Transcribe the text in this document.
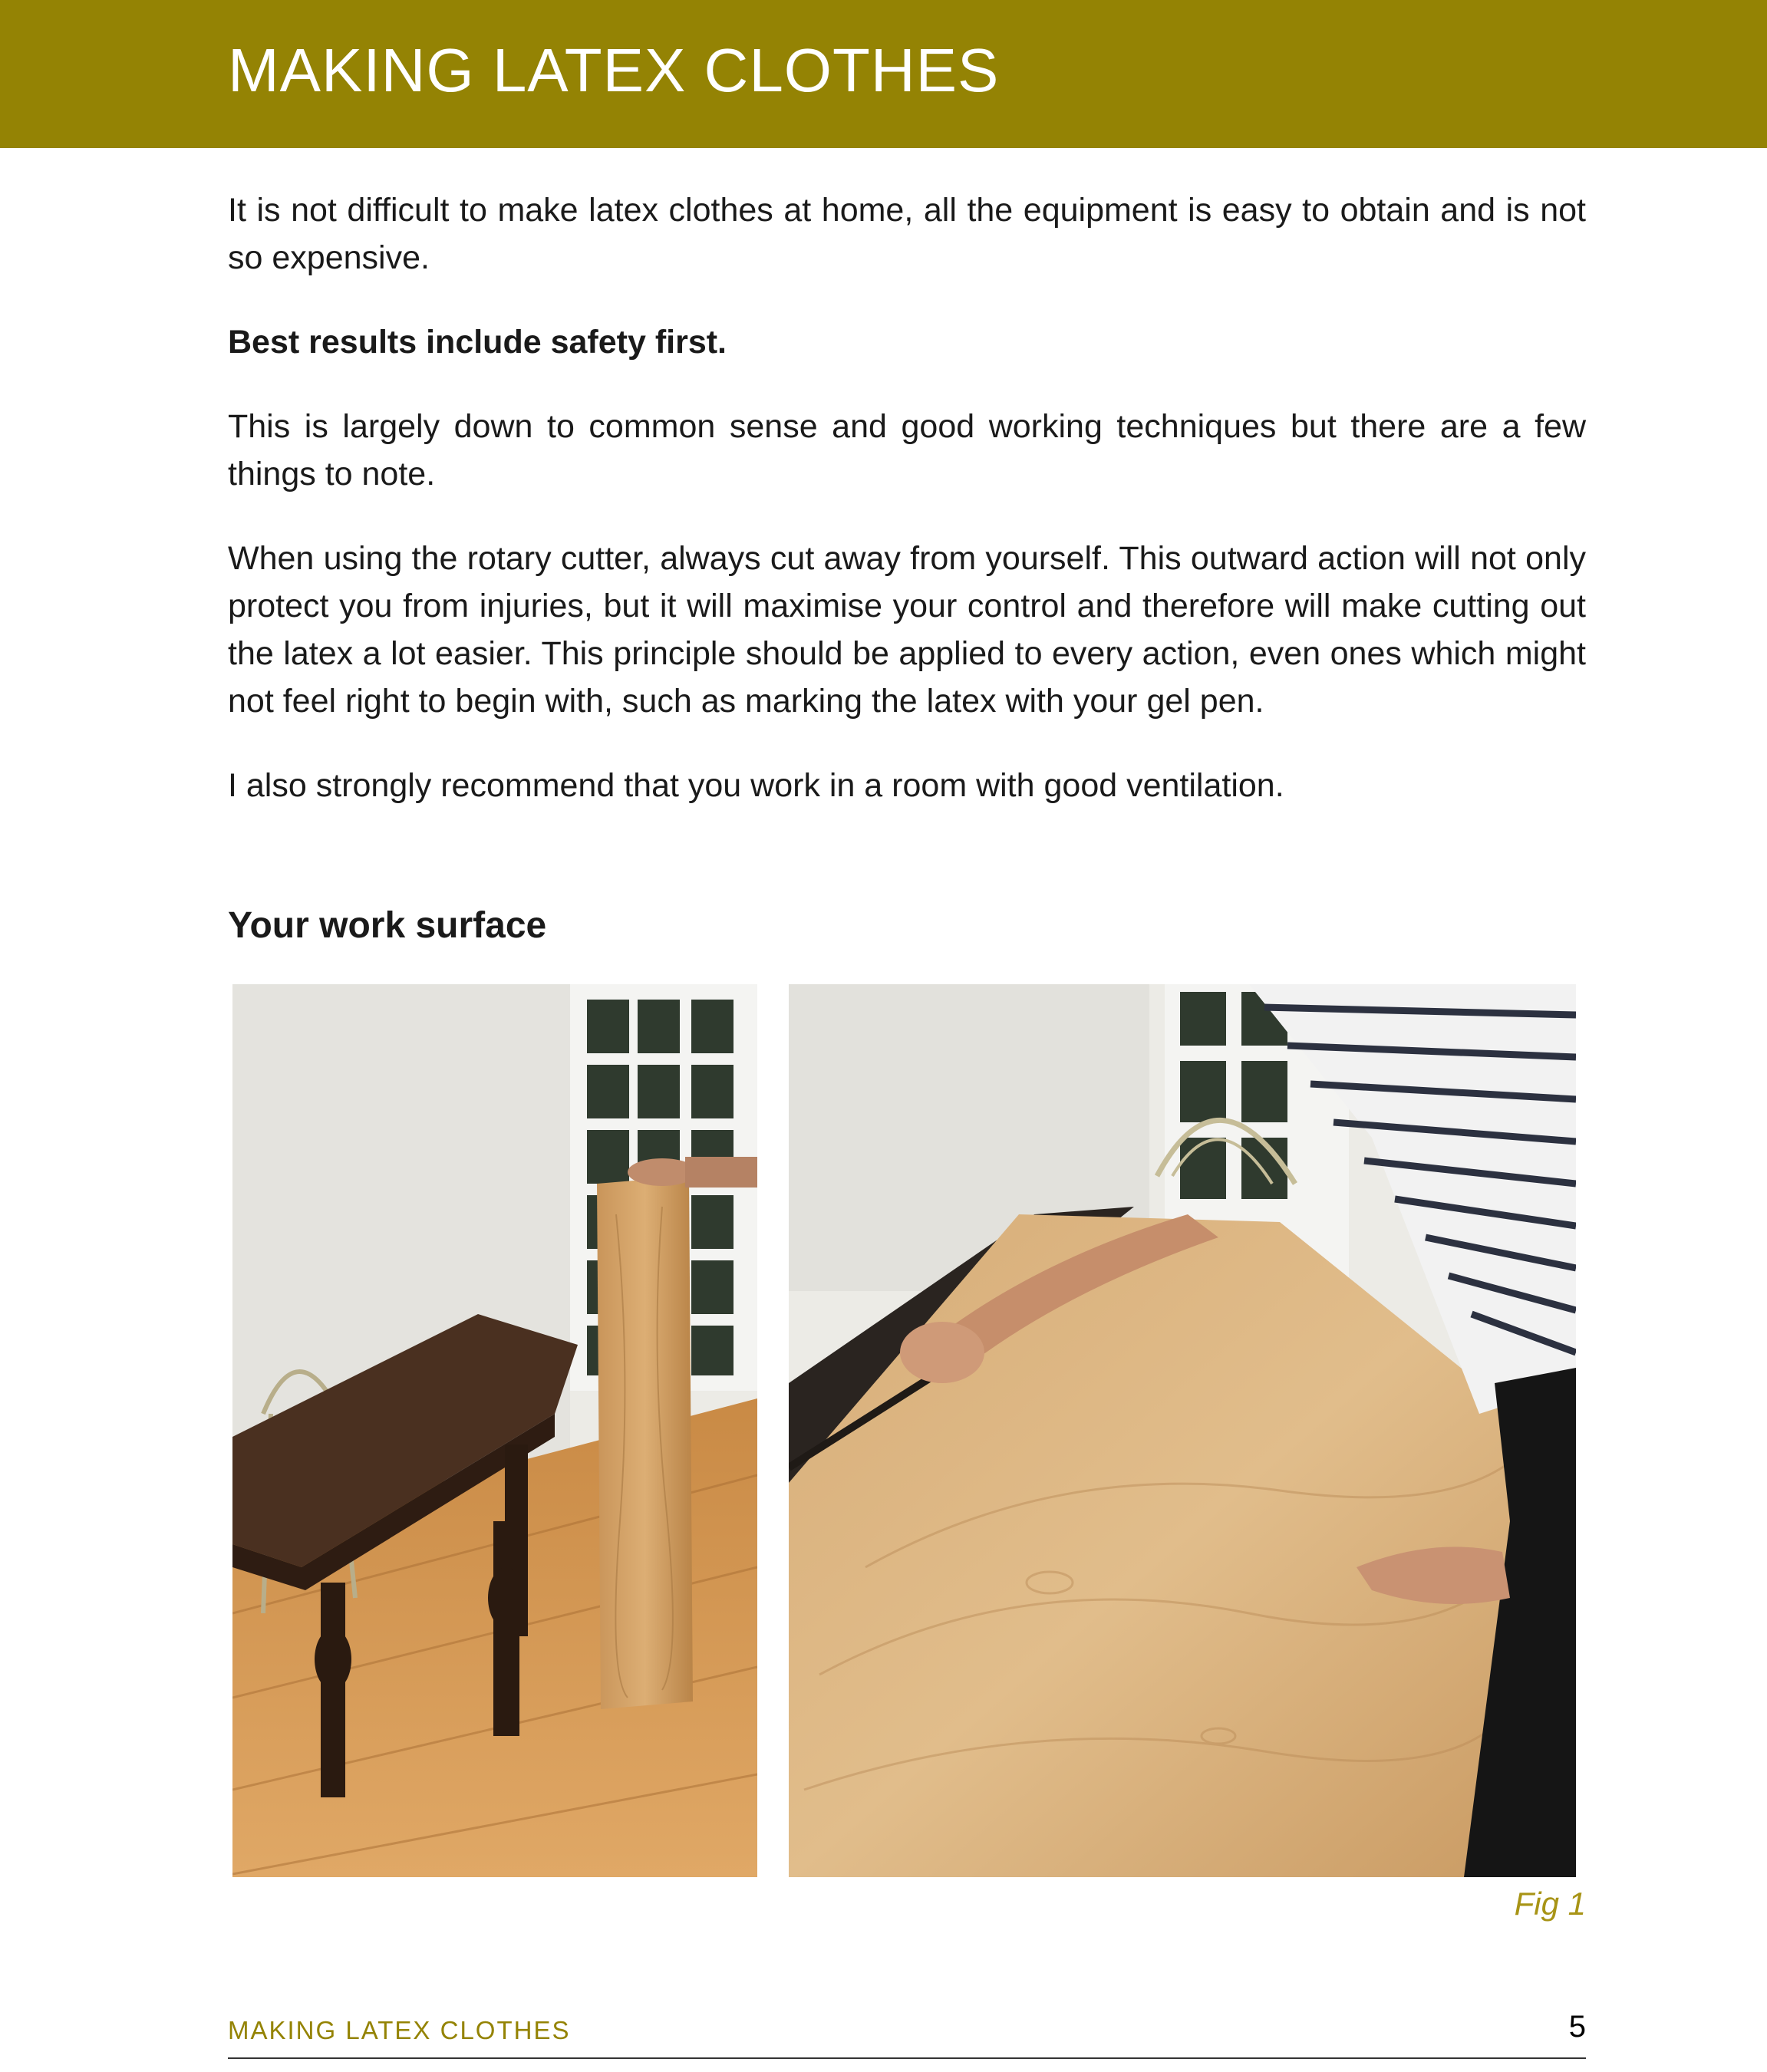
MAKING LATEX CLOTHES

It is not difficult to make latex clothes at home, all the equipment is easy to obtain and is not so expensive.

Best results include safety first.

This is largely down to common sense and good working techniques but there are a few things to note.

When using the rotary cutter, always cut away from yourself. This outward action will not only protect you from injuries, but it will maximise your control and therefore will make cutting out the latex a lot easier. This principle should be applied to every action, even ones which might not feel right to begin with, such as marking the latex with your gel pen.

I also strongly recommend that you work in a room with good ventilation.

Your work surface
Fig 1
MAKING LATEX CLOTHES	5
